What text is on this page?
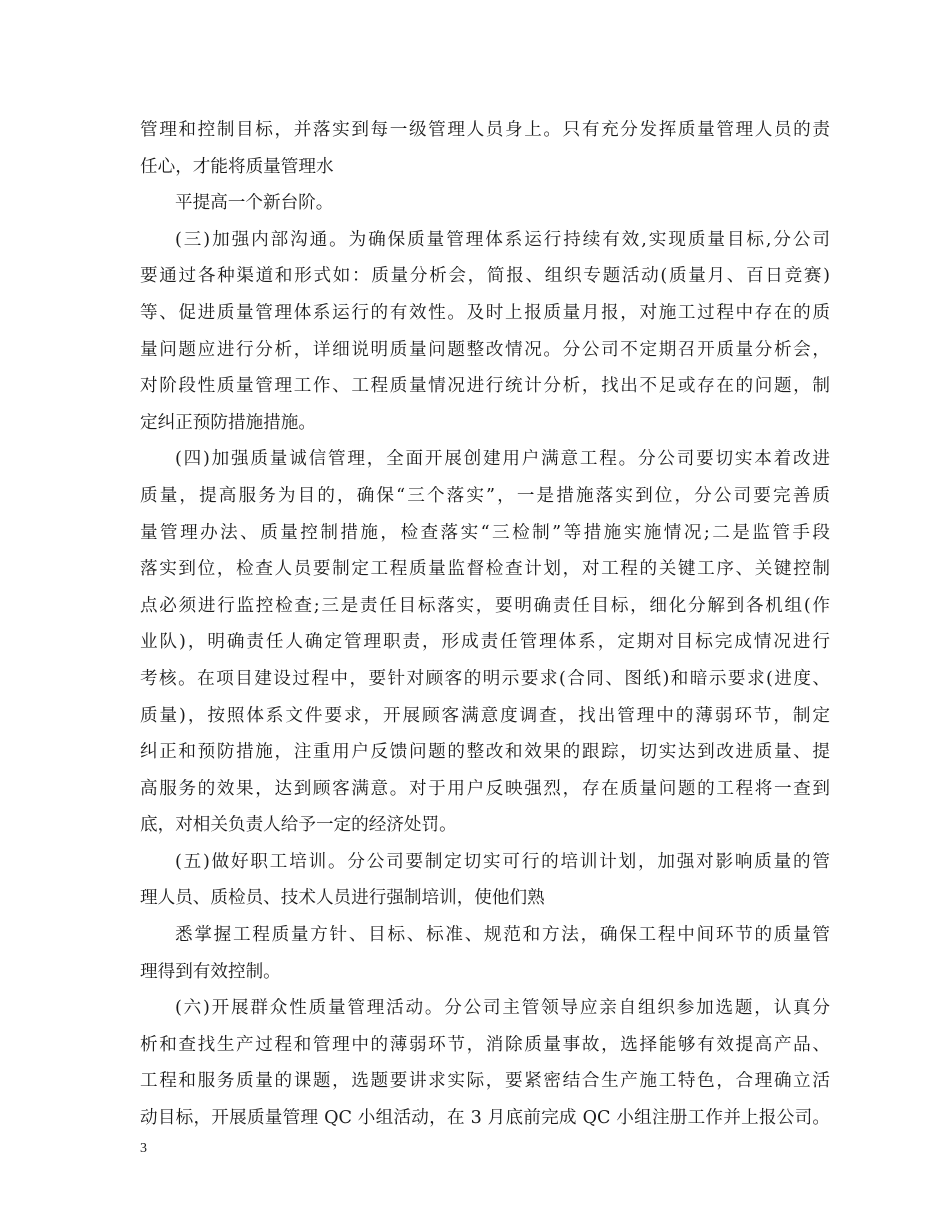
管理和控制目标，并落实到每一级管理人员身上。只有充分发挥质量管理人员的责
任心，才能将质量管理水
平提高一个新台阶。
(三)加强内部沟通。为确保质量管理体系运行持续有效,实现质量目标,分公司
要通过各种渠道和形式如：质量分析会，简报、组织专题活动(质量月、百日竞赛)
等、促进质量管理体系运行的有效性。及时上报质量月报，对施工过程中存在的质
量问题应进行分析，详细说明质量问题整改情况。分公司不定期召开质量分析会，
对阶段性质量管理工作、工程质量情况进行统计分析，找出不足或存在的问题，制
定纠正预防措施措施。
(四)加强质量诚信管理，全面开展创建用户满意工程。分公司要切实本着改进
质量，提高服务为目的，确保“三个落实”，一是措施落实到位，分公司要完善质
量管理办法、质量控制措施，检查落实“三检制”等措施实施情况;二是监管手段
落实到位，检查人员要制定工程质量监督检查计划，对工程的关键工序、关键控制
点必须进行监控检查;三是责任目标落实，要明确责任目标，细化分解到各机组(作
业队)，明确责任人确定管理职责，形成责任管理体系，定期对目标完成情况进行
考核。在项目建设过程中，要针对顾客的明示要求(合同、图纸)和暗示要求(进度、
质量)，按照体系文件要求，开展顾客满意度调查，找出管理中的薄弱环节，制定
纠正和预防措施，注重用户反馈问题的整改和效果的跟踪，切实达到改进质量、提
高服务的效果，达到顾客满意。对于用户反映强烈，存在质量问题的工程将一查到
底，对相关负责人给予一定的经济处罚。
(五)做好职工培训。分公司要制定切实可行的培训计划，加强对影响质量的管
理人员、质检员、技术人员进行强制培训，使他们熟
悉掌握工程质量方针、目标、标准、规范和方法，确保工程中间环节的质量管
理得到有效控制。
(六)开展群众性质量管理活动。分公司主管领导应亲自组织参加选题，认真分
析和查找生产过程和管理中的薄弱环节，消除质量事故，选择能够有效提高产品、
工程和服务质量的课题，选题要讲求实际，要紧密结合生产施工特色，合理确立活
动目标，开展质量管理 QC 小组活动，在 3 月底前完成 QC 小组注册工作并上报公司。
3
